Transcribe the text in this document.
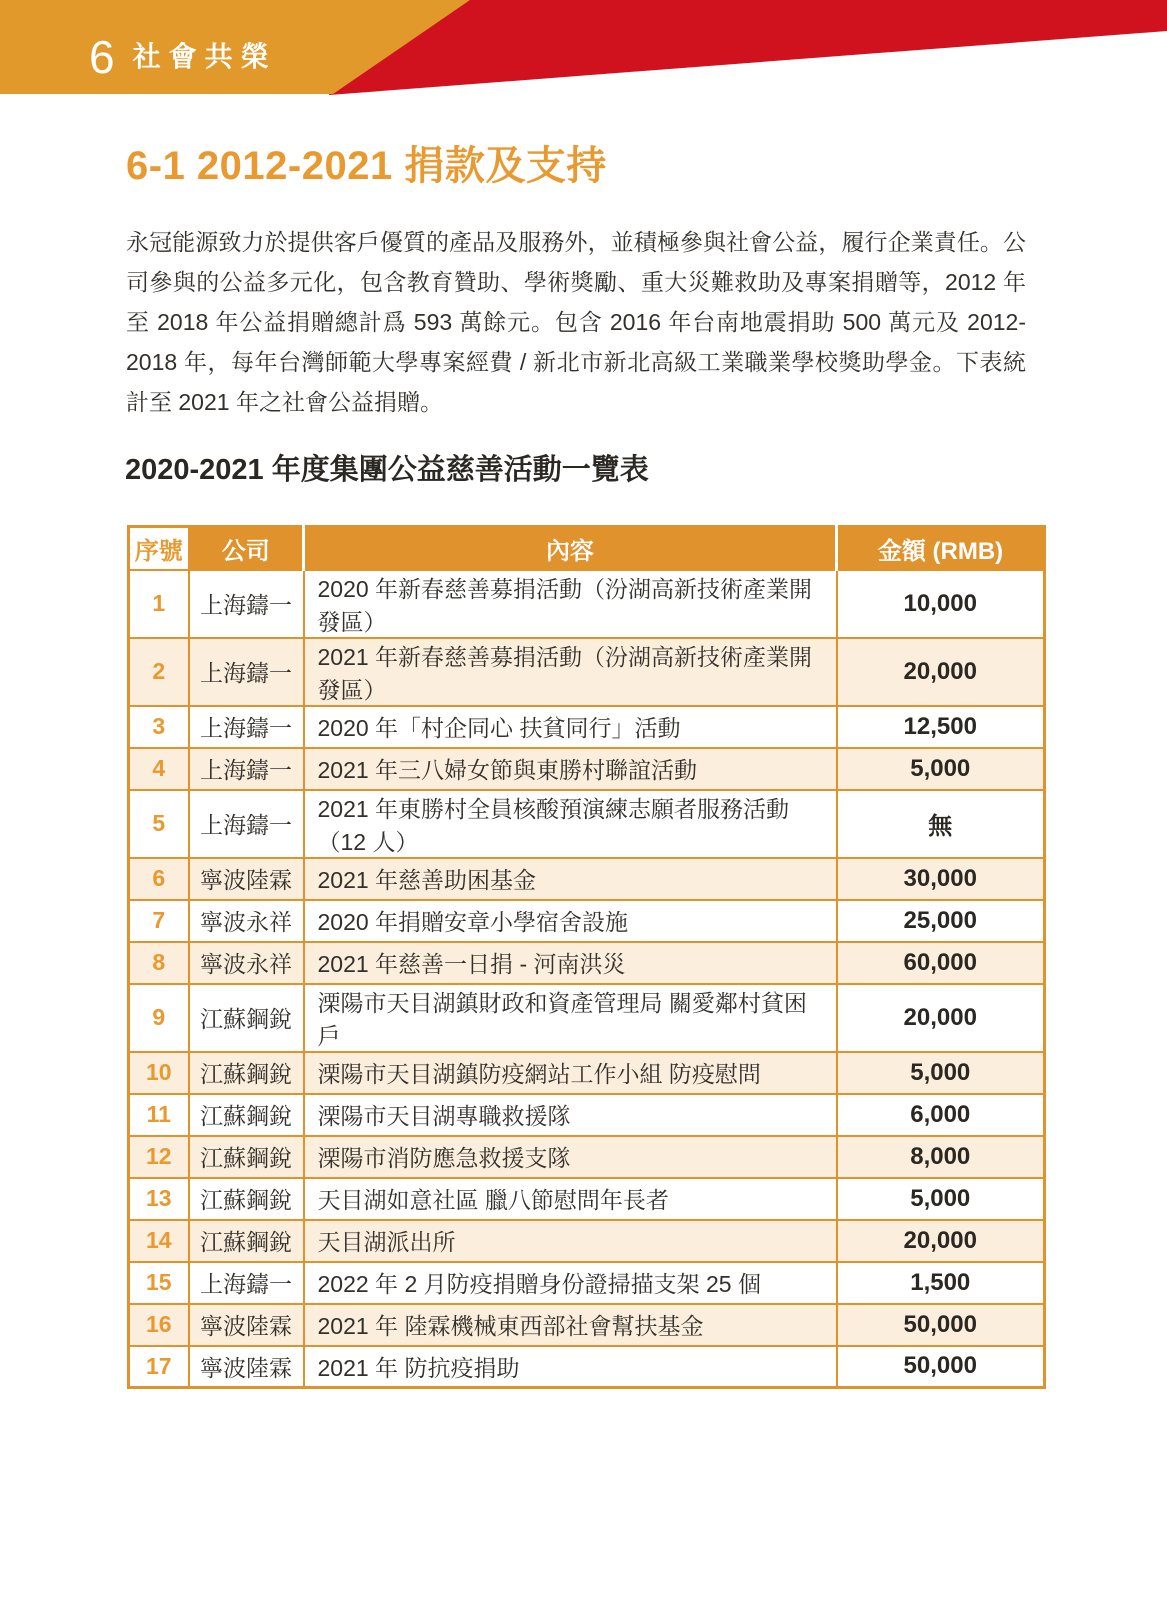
6 社會共榮
6-1 2012-2021 捐款及支持

永冠能源致力於提供客戶優質的產品及服務外，並積極參與社會公益，履行企業責任。公司參與的公益多元化，包含教育贊助、學術獎勵、重大災難救助及專案捐贈等，2012 年至 2018 年公益捐贈總計爲 593 萬餘元。包含 2016 年台南地震捐助 500 萬元及 2012-2018 年，每年台灣師範大學專案經費 / 新北市新北高級工業職業學校獎助學金。下表統計至 2021 年之社會公益捐贈。

2020-2021 年度集團公益慈善活動一覽表
序號	公司	內容	金額 (RMB)
1	上海鑄一	2020 年新春慈善募捐活動（汾湖高新技術產業開發區）	10,000
2	上海鑄一	2021 年新春慈善募捐活動（汾湖高新技術產業開發區）	20,000
3	上海鑄一	2020 年「村企同心 扶貧同行」活動	12,500
4	上海鑄一	2021 年三八婦女節與東勝村聯誼活動	5,000
5	上海鑄一	2021 年東勝村全員核酸預演練志願者服務活動（12 人）	無
6	寧波陸霖	2021 年慈善助困基金	30,000
7	寧波永祥	2020 年捐贈安章小學宿舍設施	25,000
8	寧波永祥	2021 年慈善一日捐 - 河南洪災	60,000
9	江蘇鋼銳	溧陽市天目湖鎮財政和資產管理局 關愛鄰村貧困戶	20,000
10	江蘇鋼銳	溧陽市天目湖鎮防疫網站工作小組 防疫慰問	5,000
11	江蘇鋼銳	溧陽市天目湖專職救援隊	6,000
12	江蘇鋼銳	溧陽市消防應急救援支隊	8,000
13	江蘇鋼銳	天目湖如意社區 臘八節慰問年長者	5,000
14	江蘇鋼銳	天目湖派出所	20,000
15	上海鑄一	2022 年 2 月防疫捐贈身份證掃描支架 25 個	1,500
16	寧波陸霖	2021 年 陸霖機械東西部社會幫扶基金	50,000
17	寧波陸霖	2021 年 防抗疫捐助	50,000
